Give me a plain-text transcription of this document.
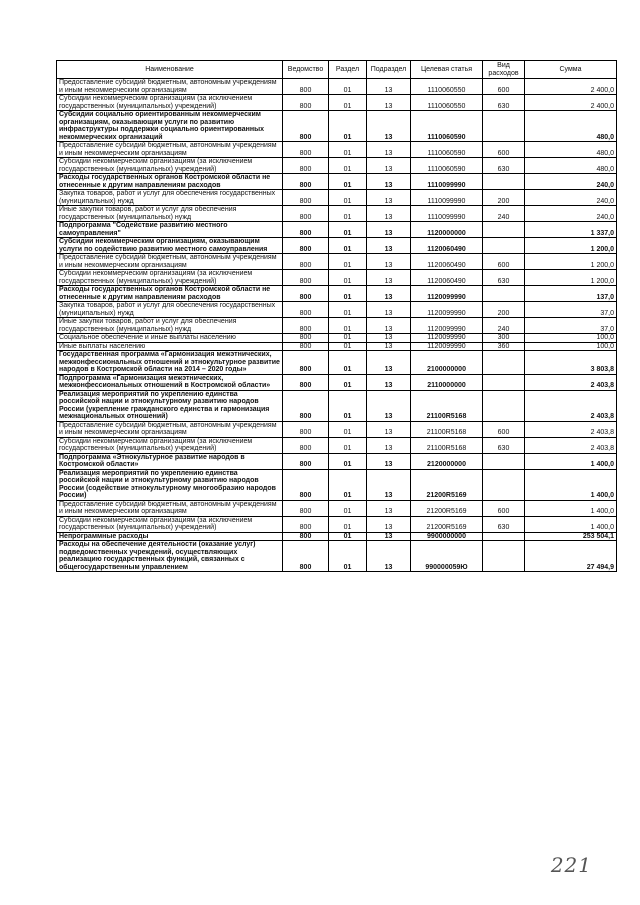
Наименование	Ведомство	Раздел	Подраздел	Целевая статья	Вид расходов	Сумма
Предоставление субсидий бюджетным, автономным учреждениям и иным некоммерческим организациям	800	01	13	1110060550	600	2 400,0
Субсидии некоммерческим организациям (за исключением государственных (муниципальных) учреждений)	800	01	13	1110060550	630	2 400,0
Субсидии социально ориентированным некоммерческим организациям, оказывающим услуги по развитию инфраструктуры поддержки социально ориентированных некоммерческих организаций	800	01	13	1110060590		480,0
Предоставление субсидий бюджетным, автономным учреждениям и иным некоммерческим организациям	800	01	13	1110060590	600	480,0
Субсидии некоммерческим организациям (за исключением государственных (муниципальных) учреждений)	800	01	13	1110060590	630	480,0
Расходы государственных органов Костромской области не отнесенные к другим направлениям расходов	800	01	13	1110099990		240,0
Закупка товаров, работ и услуг для обеспечения государственных (муниципальных) нужд	800	01	13	1110099990	200	240,0
Иные закупки товаров, работ и услуг для обеспечения государственных (муниципальных) нужд	800	01	13	1110099990	240	240,0
Подпрограмма "Содействие развитию местного самоуправления"	800	01	13	1120000000		1 337,0
Субсидии некоммерческим организациям, оказывающим услуги по содействию развитию местного самоуправления	800	01	13	1120060490		1 200,0
Предоставление субсидий бюджетным, автономным учреждениям и иным некоммерческим организациям	800	01	13	1120060490	600	1 200,0
Субсидии некоммерческим организациям (за исключением государственных (муниципальных) учреждений)	800	01	13	1120060490	630	1 200,0
Расходы государственных органов Костромской области не отнесенные к другим направлениям расходов	800	01	13	1120099990		137,0
Закупка товаров, работ и услуг для обеспечения государственных (муниципальных) нужд	800	01	13	1120099990	200	37,0
Иные закупки товаров, работ и услуг для обеспечения государственных (муниципальных) нужд	800	01	13	1120099990	240	37,0
Социальное обеспечение и иные выплаты населению	800	01	13	1120099990	300	100,0
Иные выплаты населению	800	01	13	1120099990	360	100,0
Государственная программа «Гармонизация межэтнических, межконфессиональных отношений и этнокультурное развитие народов в Костромской области на 2014 – 2020 годы»	800	01	13	2100000000		3 803,8
Подпрограмма «Гармонизация межэтнических, межконфессиональных отношений в Костромской области»	800	01	13	2110000000		2 403,8
Реализация мероприятий по укреплению единства российской нации и этнокультурному развитию народов России (укрепление гражданского единства и гармонизация межнациональных отношений)	800	01	13	21100R5168		2 403,8
Предоставление субсидий бюджетным, автономным учреждениям и иным некоммерческим организациям	800	01	13	21100R5168	600	2 403,8
Субсидии некоммерческим организациям (за исключением государственных (муниципальных) учреждений)	800	01	13	21100R5168	630	2 403,8
Подпрограмма «Этнокультурное развитие народов в Костромской области»	800	01	13	2120000000		1 400,0
Реализация мероприятий по укреплению единства российской нации и этнокультурному развитию народов России (содействие этнокультурному многообразию народов России)	800	01	13	21200R5169		1 400,0
Предоставление субсидий бюджетным, автономным учреждениям и иным некоммерческим организациям	800	01	13	21200R5169	600	1 400,0
Субсидии некоммерческим организациям (за исключением государственных (муниципальных) учреждений)	800	01	13	21200R5169	630	1 400,0
Непрограммные расходы	800	01	13	9900000000		253 504,1
Расходы на обеспечение деятельности (оказание услуг) подведомственных учреждений, осуществляющих реализацию государственных функций, связанных с общегосударственным управлением	800	01	13	990000059Ю		27 494,9
221
